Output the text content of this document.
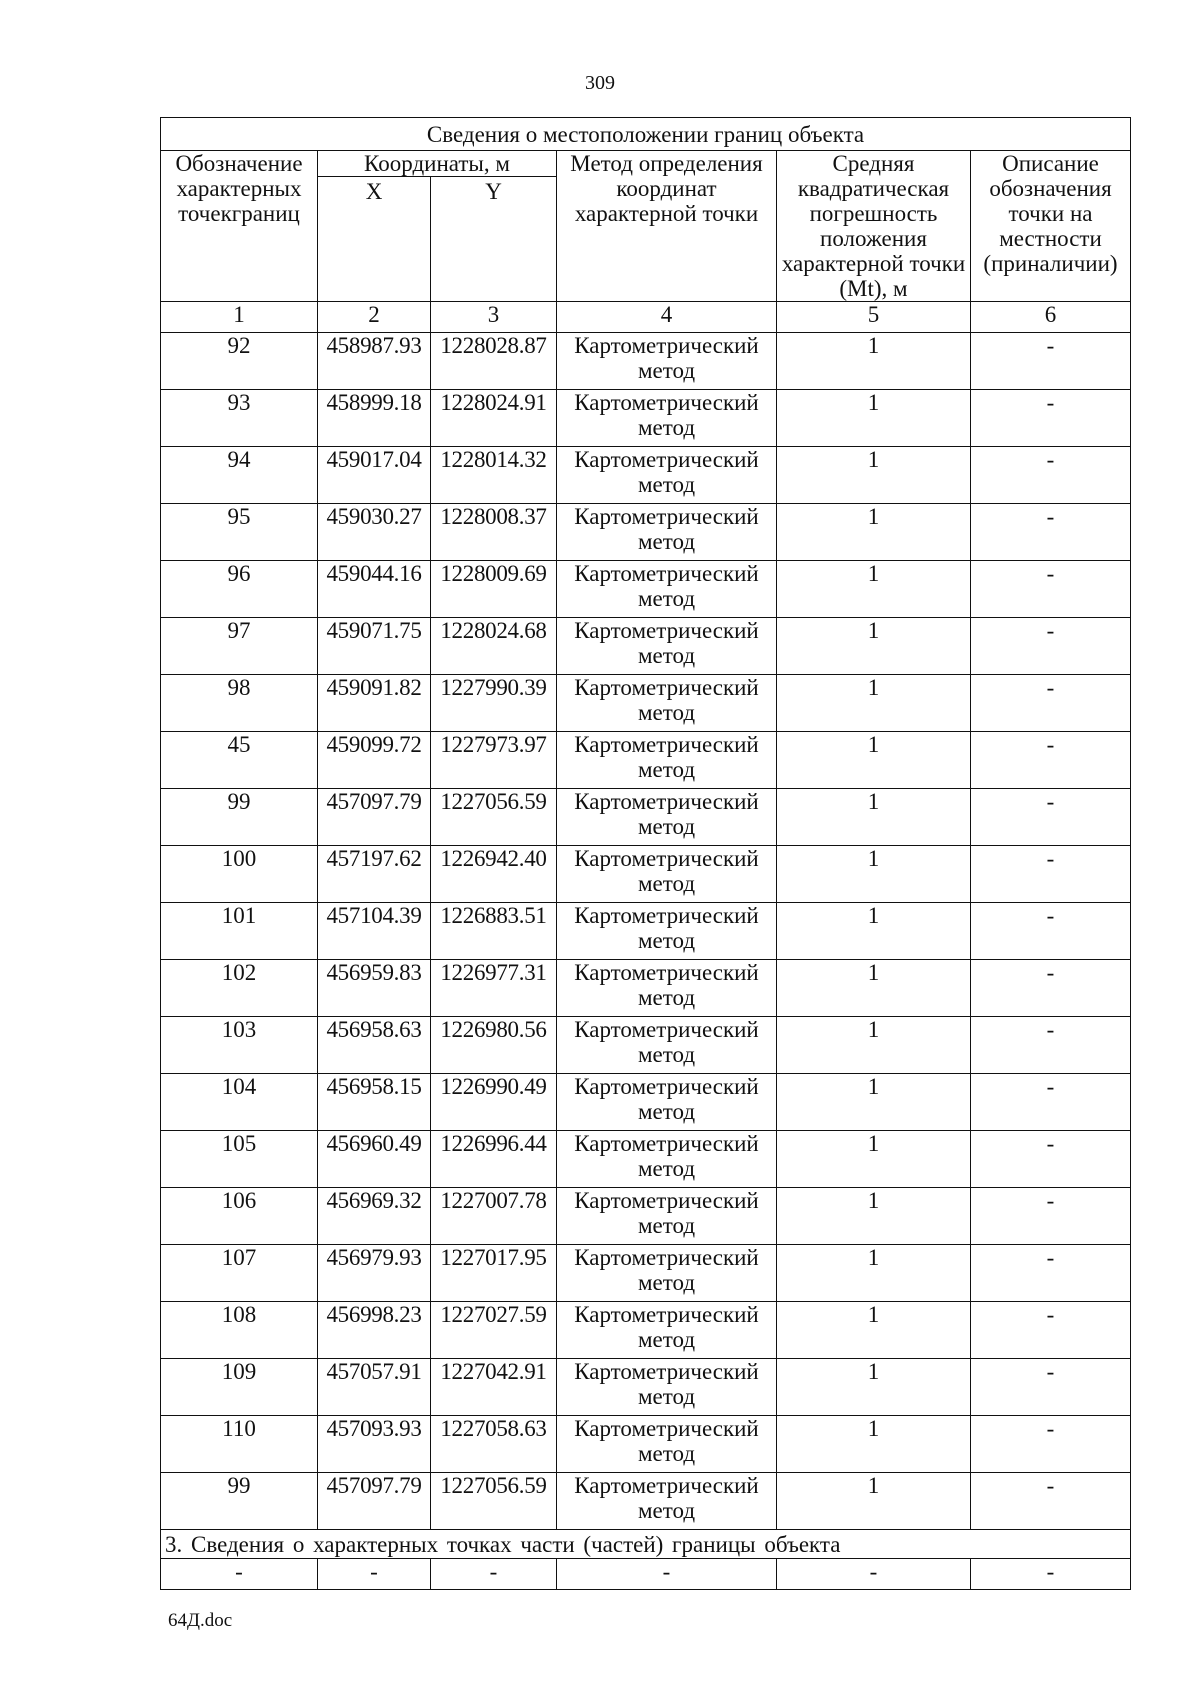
309
Сведения о местоположении границ объекта					
Обозначение характерных точекграниц	Координаты, м		Метод определения координат характерной точки	Средняя квадратическая погрешность положения характерной точки (Mt), м	Описание обозначения точки на местности (приналичии)
	X	Y			
1	2	3	4	5	6
92	458987.93	1228028.87	Картометрический метод	1	-
93	458999.18	1228024.91	Картометрический метод	1	-
94	459017.04	1228014.32	Картометрический метод	1	-
95	459030.27	1228008.37	Картометрический метод	1	-
96	459044.16	1228009.69	Картометрический метод	1	-
97	459071.75	1228024.68	Картометрический метод	1	-
98	459091.82	1227990.39	Картометрический метод	1	-
45	459099.72	1227973.97	Картометрический метод	1	-
99	457097.79	1227056.59	Картометрический метод	1	-
100	457197.62	1226942.40	Картометрический метод	1	-
101	457104.39	1226883.51	Картометрический метод	1	-
102	456959.83	1226977.31	Картометрический метод	1	-
103	456958.63	1226980.56	Картометрический метод	1	-
104	456958.15	1226990.49	Картометрический метод	1	-
105	456960.49	1226996.44	Картометрический метод	1	-
106	456969.32	1227007.78	Картометрический метод	1	-
107	456979.93	1227017.95	Картометрический метод	1	-
108	456998.23	1227027.59	Картометрический метод	1	-
109	457057.91	1227042.91	Картометрический метод	1	-
110	457093.93	1227058.63	Картометрический метод	1	-
99	457097.79	1227056.59	Картометрический метод	1	-
3. Сведения о характерных точках части (частей) границы объекта					
-	-	-	-	-	-
64Д.doc
